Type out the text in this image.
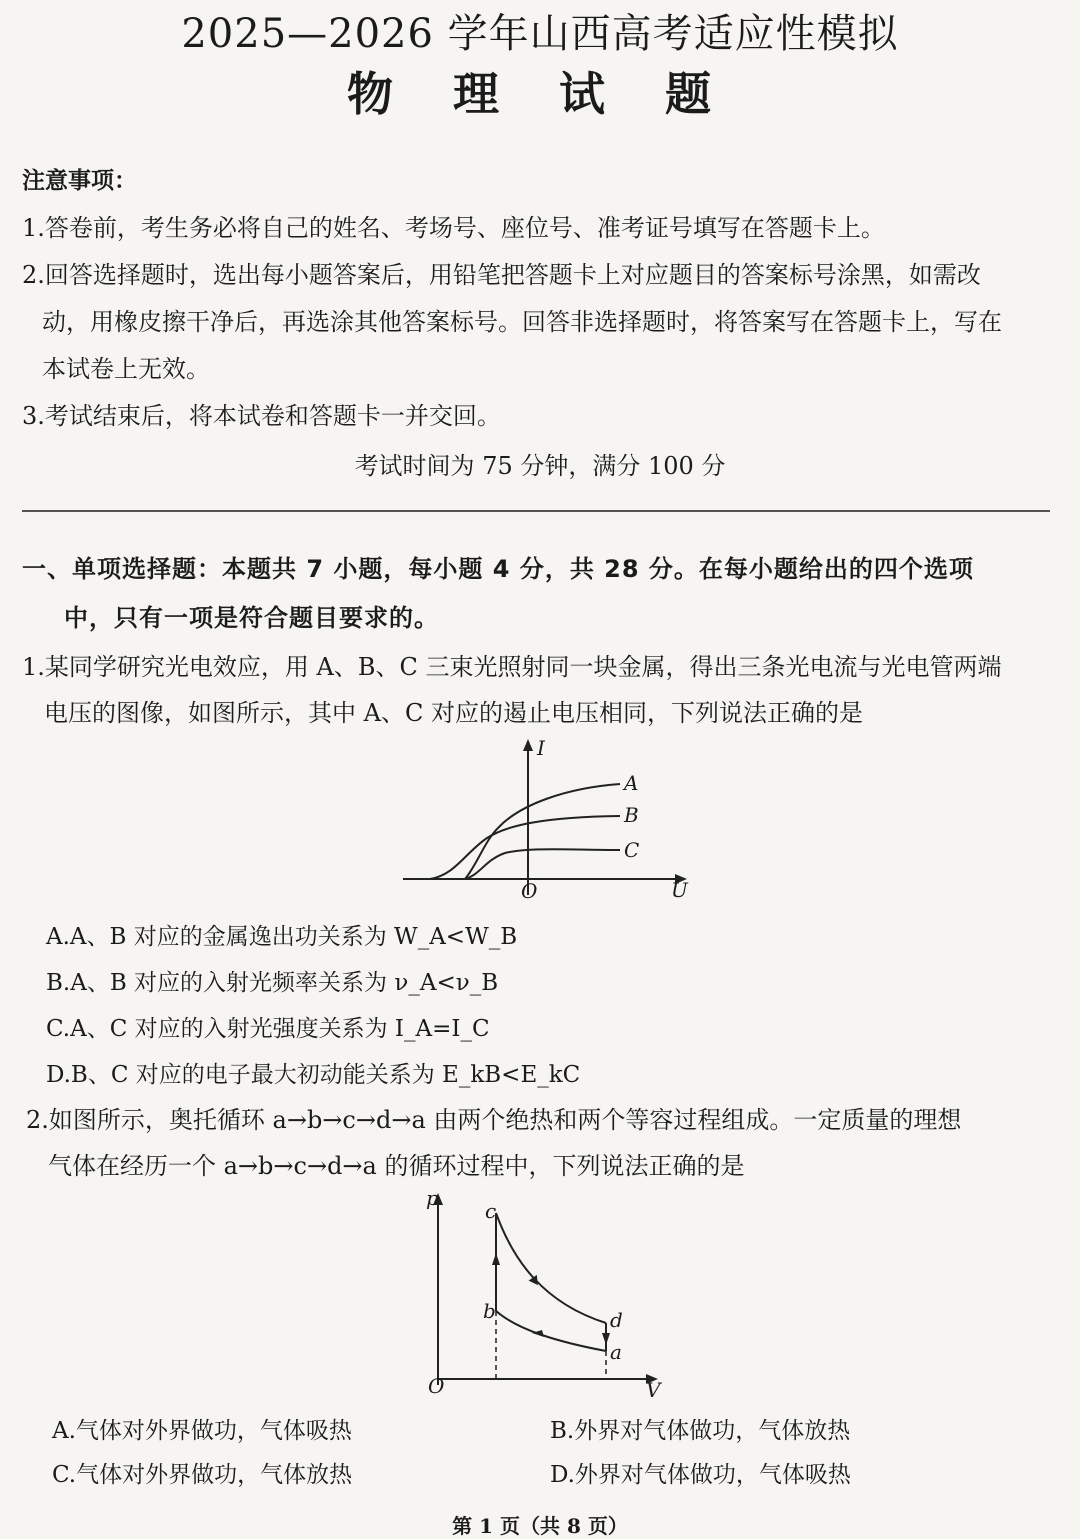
2025—2026 学年山西高考适应性模拟
物 理 试 题
注意事项：
1.答卷前，考生务必将自己的姓名、考场号、座位号、准考证号填写在答题卡上。
2.回答选择题时，选出每小题答案后，用铅笔把答题卡上对应题目的答案标号涂黑，如需改
动，用橡皮擦干净后，再选涂其他答案标号。回答非选择题时，将答案写在答题卡上，写在
本试卷上无效。
3.考试结束后，将本试卷和答题卡一并交回。
考试时间为 75 分钟，满分 100 分
一、单项选择题：本题共 7 小题，每小题 4 分，共 28 分。在每小题给出的四个选项
中，只有一项是符合题目要求的。
1.某同学研究光电效应，用 A、B、C 三束光照射同一块金属，得出三条光电流与光电管两端
电压的图像，如图所示，其中 A、C 对应的遏止电压相同，下列说法正确的是
I
U
O
A
B
C
A.A、B 对应的金属逸出功关系为 W_A<W_B
B.A、B 对应的入射光频率关系为 ν_A<ν_B
C.A、C 对应的入射光强度关系为 I_A=I_C
D.B、C 对应的电子最大初动能关系为 E_kB<E_kC
2.如图所示，奥托循环 a→b→c→d→a 由两个绝热和两个等容过程组成。一定质量的理想
气体在经历一个 a→b→c→d→a 的循环过程中，下列说法正确的是
p
V
O
c
b	d
a
A.气体对外界做功，气体吸热	B.外界对气体做功，气体放热
C.气体对外界做功，气体放热	D.外界对气体做功，气体吸热
第 1 页（共 8 页）
